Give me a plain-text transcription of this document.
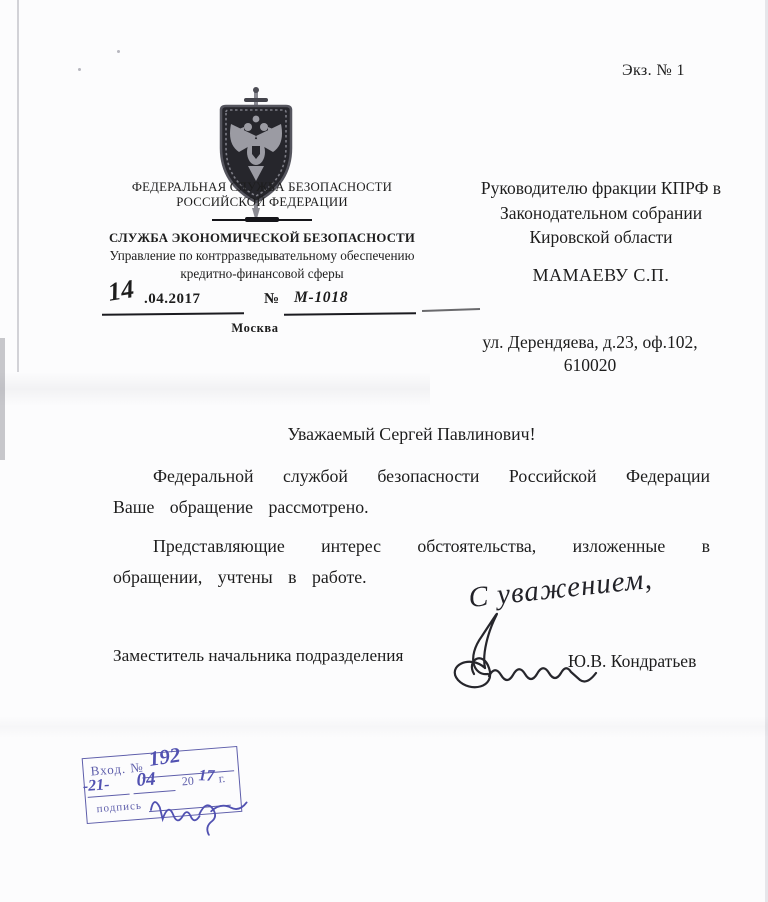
Экз. № 1
ФЕДЕРАЛЬНАЯ СЛУЖБА БЕЗОПАСНОСТИ
РОССИЙСКОЙ ФЕДЕРАЦИИ
СЛУЖБА ЭКОНОМИЧЕСКОЙ БЕЗОПАСНОСТИ
Управление по контрразведывательному обеспечению
кредитно-финансовой сферы
14 .04.2017	№ М-1018
Москва
Руководителю фракции КПРФ в
Законодательном собрании
Кировской области
МАМАЕВУ С.П.
ул. Дерендяева, д.23, оф.102,
610020
Уважаемый Сергей Павлинович!
Федеральной службой безопасности Российской Федерации Ваше обращение рассмотрено.
Представляющие интерес обстоятельства, изложенные в обращении, учтены в работе.	С уважением,
Заместитель начальника подразделения	Ю.В. Кондратьев
Вход. № 192
-21- 04 20 17 г.
подпись
